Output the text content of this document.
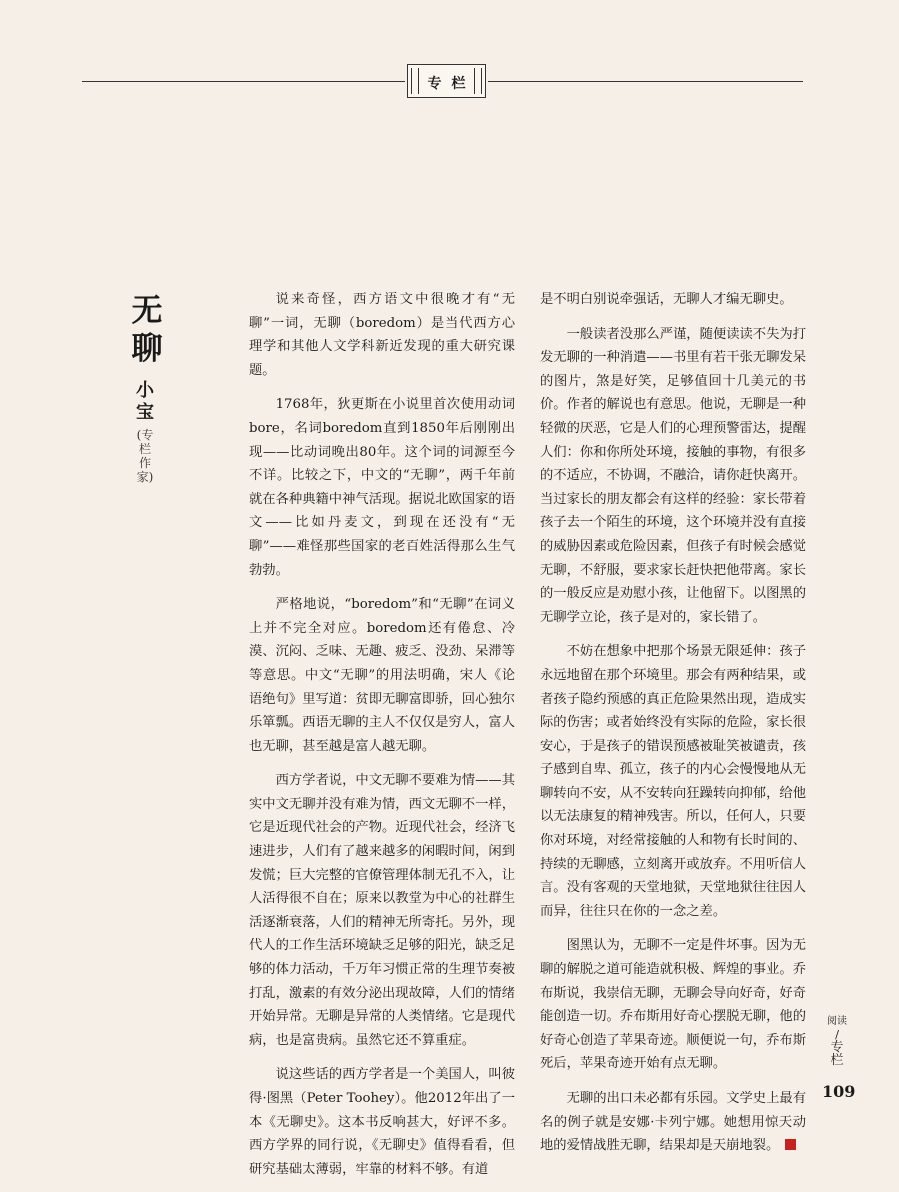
专栏
无聊
小宝
(专栏作家)

说来奇怪，西方语文中很晚才有“无聊”一词，无聊（boredom）是当代西方心理学和其他人文学科新近发现的重大研究课题。

1768年，狄更斯在小说里首次使用动词bore，名词boredom直到1850年后刚刚出现——比动词晚出80年。这个词的词源至今不详。比较之下，中文的“无聊”，两千年前就在各种典籍中神气活现。据说北欧国家的语文——比如丹麦文，到现在还没有“无聊”——难怪那些国家的老百姓活得那么生气勃勃。

严格地说，“boredom”和“无聊”在词义上并不完全对应。boredom还有倦怠、冷漠、沉闷、乏味、无趣、疲乏、没劲、呆滞等等意思。中文“无聊”的用法明确，宋人《论语绝句》里写道：贫即无聊富即骄，回心独尔乐箪瓢。西语无聊的主人不仅仅是穷人，富人也无聊，甚至越是富人越无聊。

西方学者说，中文无聊不要难为情——其实中文无聊并没有难为情，西文无聊不一样，它是近现代社会的产物。近现代社会，经济飞速进步，人们有了越来越多的闲暇时间，闲到发慌；巨大完整的官僚管理体制无孔不入，让人活得很不自在；原来以教堂为中心的社群生活逐渐衰落，人们的精神无所寄托。另外，现代人的工作生活环境缺乏足够的阳光，缺乏足够的体力活动，千万年习惯正常的生理节奏被打乱，激素的有效分泌出现故障，人们的情绪开始异常。无聊是异常的人类情绪。它是现代病，也是富贵病。虽然它还不算重症。

说这些话的西方学者是一个美国人，叫彼得·图黑（Peter Toohey）。他2012年出了一本《无聊史》。这本书反响甚大，好评不多。西方学界的同行说，《无聊史》值得看看，但研究基础太薄弱，牢靠的材料不够。有道

是不明白别说牵强话，无聊人才编无聊史。

一般读者没那么严谨，随便读读不失为打发无聊的一种消遣——书里有若干张无聊发呆的图片，煞是好笑，足够值回十几美元的书价。作者的解说也有意思。他说，无聊是一种轻微的厌恶，它是人们的心理预警雷达，提醒人们：你和你所处环境，接触的事物，有很多的不适应，不协调，不融洽，请你赶快离开。当过家长的朋友都会有这样的经验：家长带着孩子去一个陌生的环境，这个环境并没有直接的威胁因素或危险因素，但孩子有时候会感觉无聊，不舒服，要求家长赶快把他带离。家长的一般反应是劝慰小孩，让他留下。以图黑的无聊学立论，孩子是对的，家长错了。

不妨在想象中把那个场景无限延伸：孩子永远地留在那个环境里。那会有两种结果，或者孩子隐约预感的真正危险果然出现，造成实际的伤害；或者始终没有实际的危险，家长很安心，于是孩子的错误预感被耻笑被谴责，孩子感到自卑、孤立，孩子的内心会慢慢地从无聊转向不安，从不安转向狂躁转向抑郁，给他以无法康复的精神残害。所以，任何人，只要你对环境，对经常接触的人和物有长时间的、持续的无聊感，立刻离开或放弃。不用听信人言。没有客观的天堂地狱，天堂地狱往往因人而异，往往只在你的一念之差。

图黑认为，无聊不一定是件坏事。因为无聊的解脱之道可能造就积极、辉煌的事业。乔布斯说，我崇信无聊，无聊会导向好奇，好奇能创造一切。乔布斯用好奇心摆脱无聊，他的好奇心创造了苹果奇迹。顺便说一句，乔布斯死后，苹果奇迹开始有点无聊。

无聊的出口未必都有乐园。文学史上最有名的例子就是安娜·卡列宁娜。她想用惊天动地的爱情战胜无聊，结果却是天崩地裂。

阅读
/
专栏
109
